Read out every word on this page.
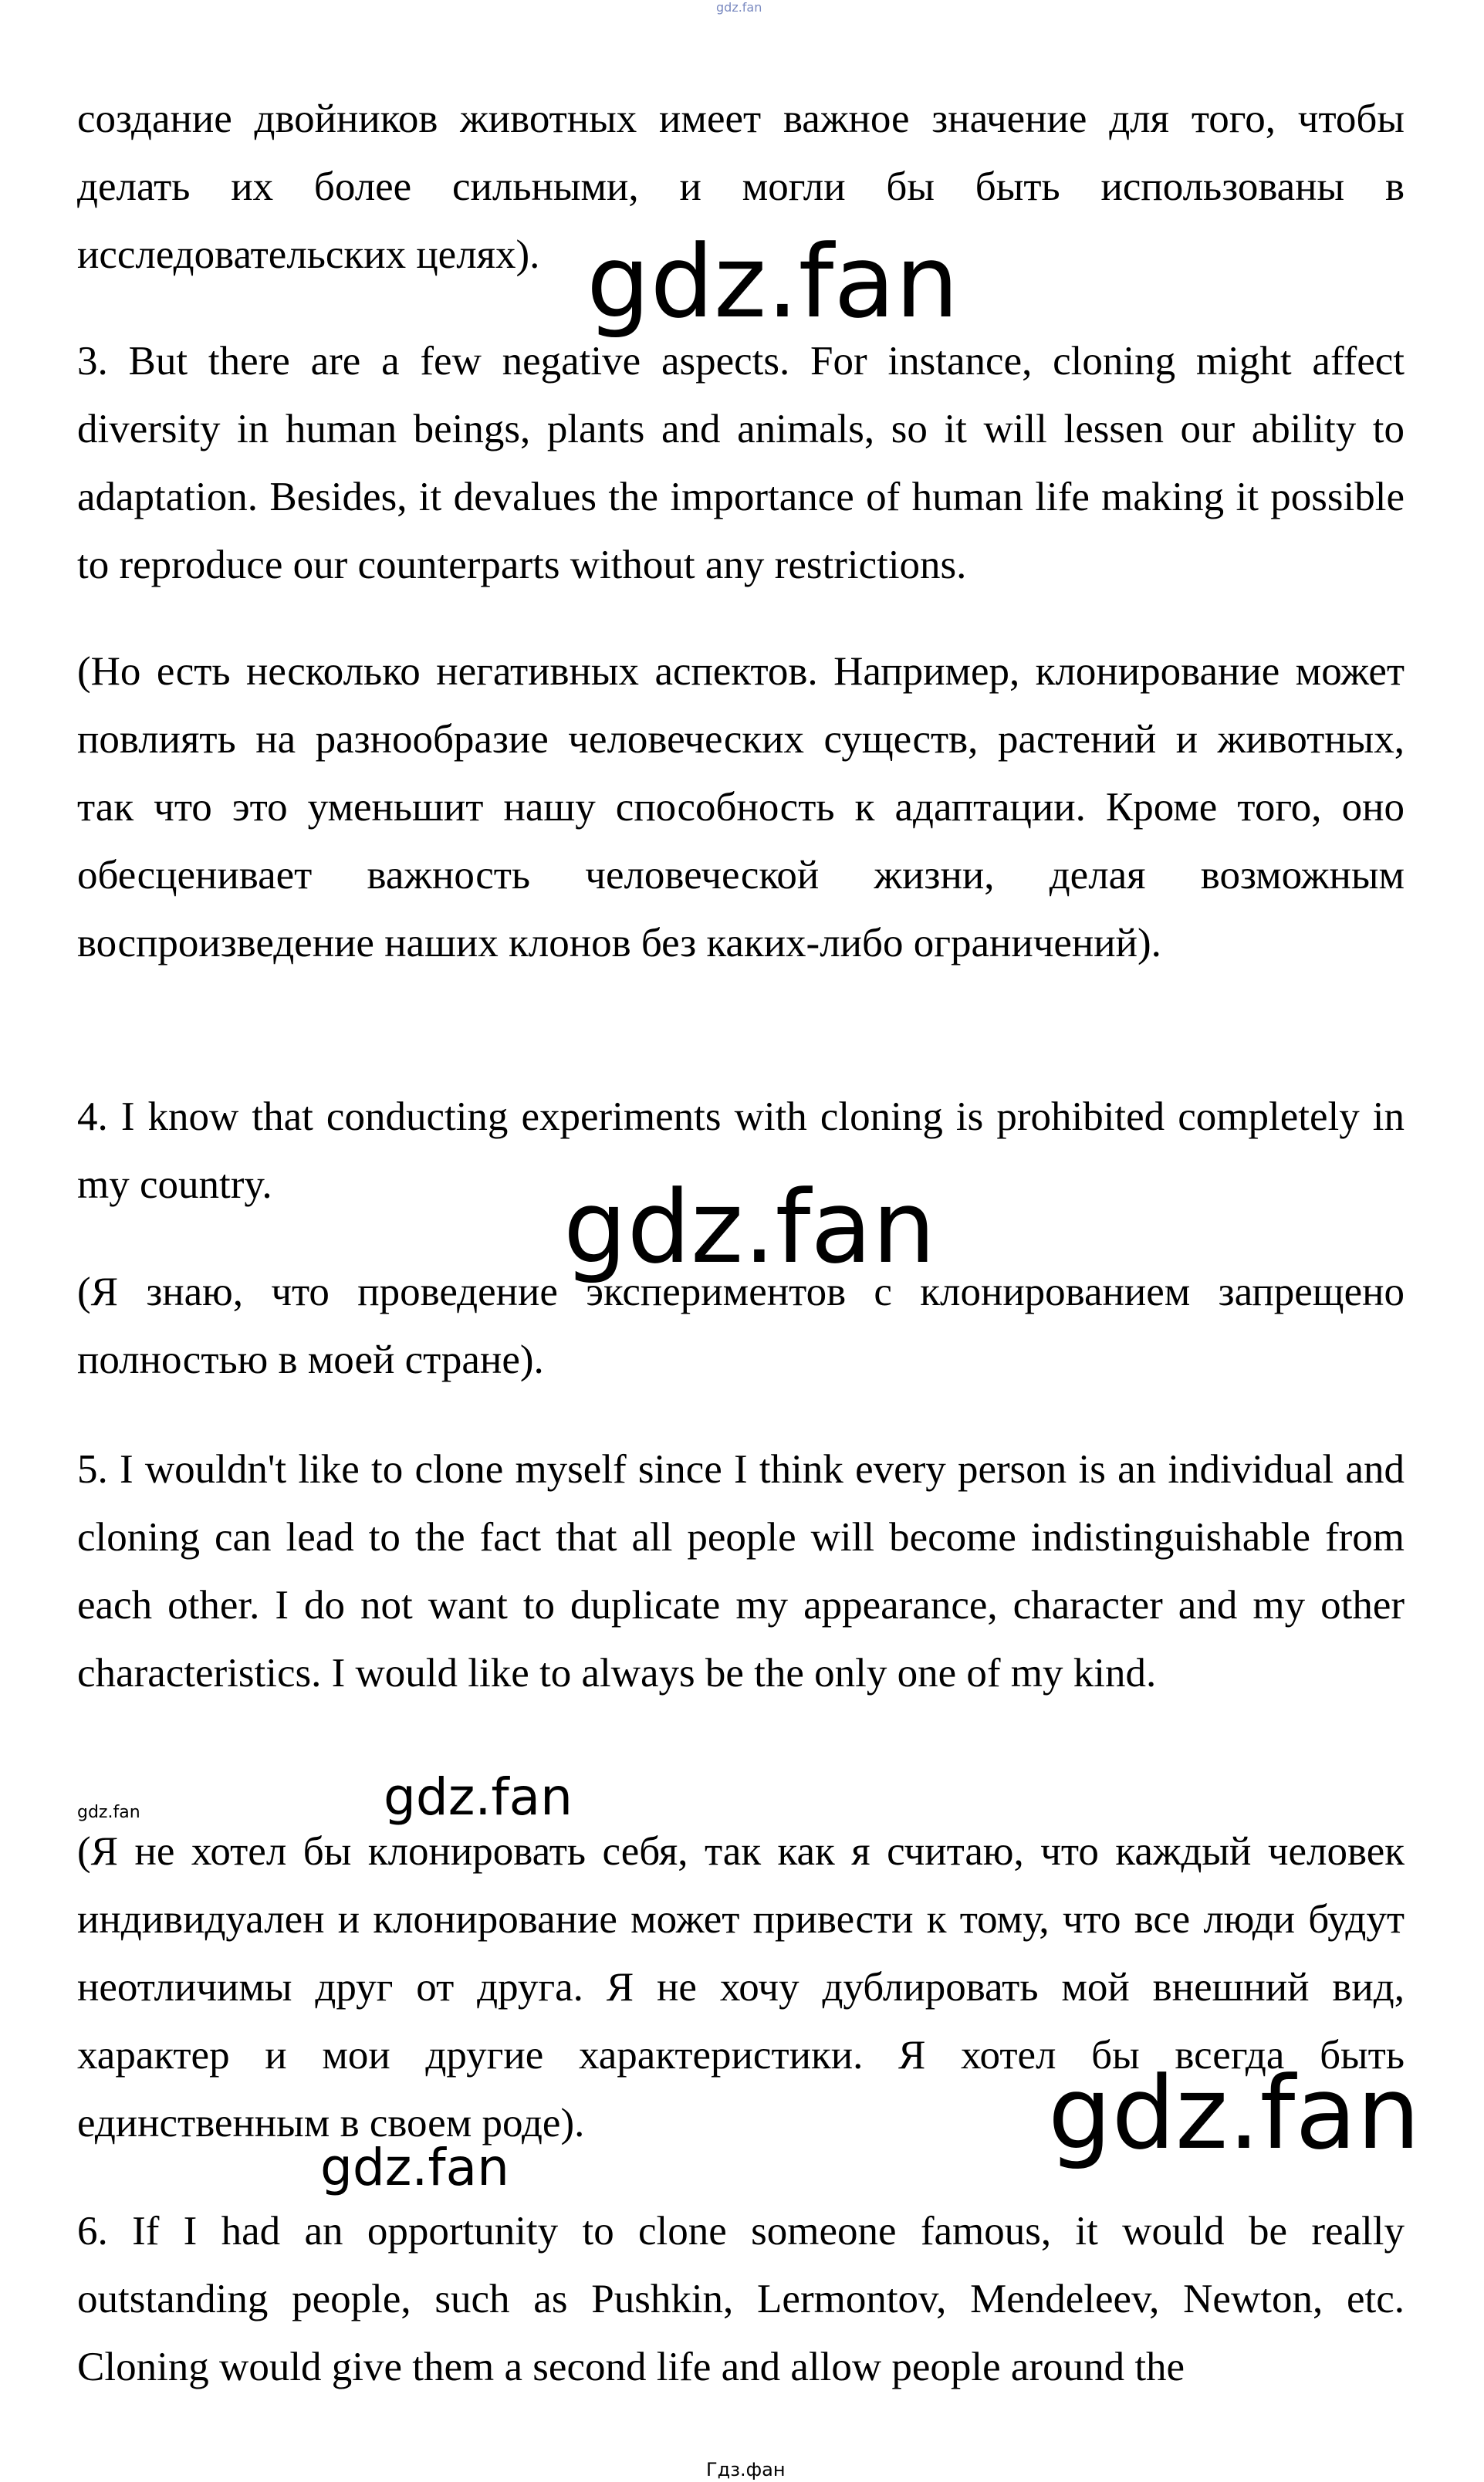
gdz.fan
создание двойников животных имеет важное значение для того, чтобы делать их более сильными, и могли бы быть использованы в исследовательских целях).
3. But there are a few negative aspects. For instance, cloning might affect diversity in human beings, plants and animals, so it will lessen our ability to adaptation. Besides, it devalues the importance of human life making it possible to reproduce our counterparts without any restrictions.
(Но есть несколько негативных аспектов. Например, клонирование может повлиять на разнообразие человеческих существ, растений и животных, так что это уменьшит нашу способность к адаптации. Кроме того, оно обесценивает важность человеческой жизни, делая возможным воспроизведение наших клонов без каких-либо ограничений).
4. I know that conducting experiments with cloning is prohibited completely in my country.
(Я знаю, что проведение экспериментов с клонированием запрещено полностью в моей стране).
5. I wouldn't like to clone myself since I think every person is an individual and cloning can lead to the fact that all people will become indistinguishable from each other. I do not want to duplicate my appearance, character and my other characteristics. I would like to always be the only one of my kind.
(Я не хотел бы клонировать себя, так как я считаю, что каждый человек индивидуален и клонирование может привести к тому, что все люди будут неотличимы друг от друга. Я не хочу дублировать мой внешний вид, характер и мои другие характеристики. Я хотел бы всегда быть единственным в своем роде).
6. If I had an opportunity to clone someone famous, it would be really outstanding people, such as Pushkin, Lermontov, Mendeleev, Newton, etc. Cloning would give them a second life and allow people around the
gdz.fan
gdz.fan
gdz.fan	gdz.fan
gdz.fan
gdz.fan
Гдз.фан
